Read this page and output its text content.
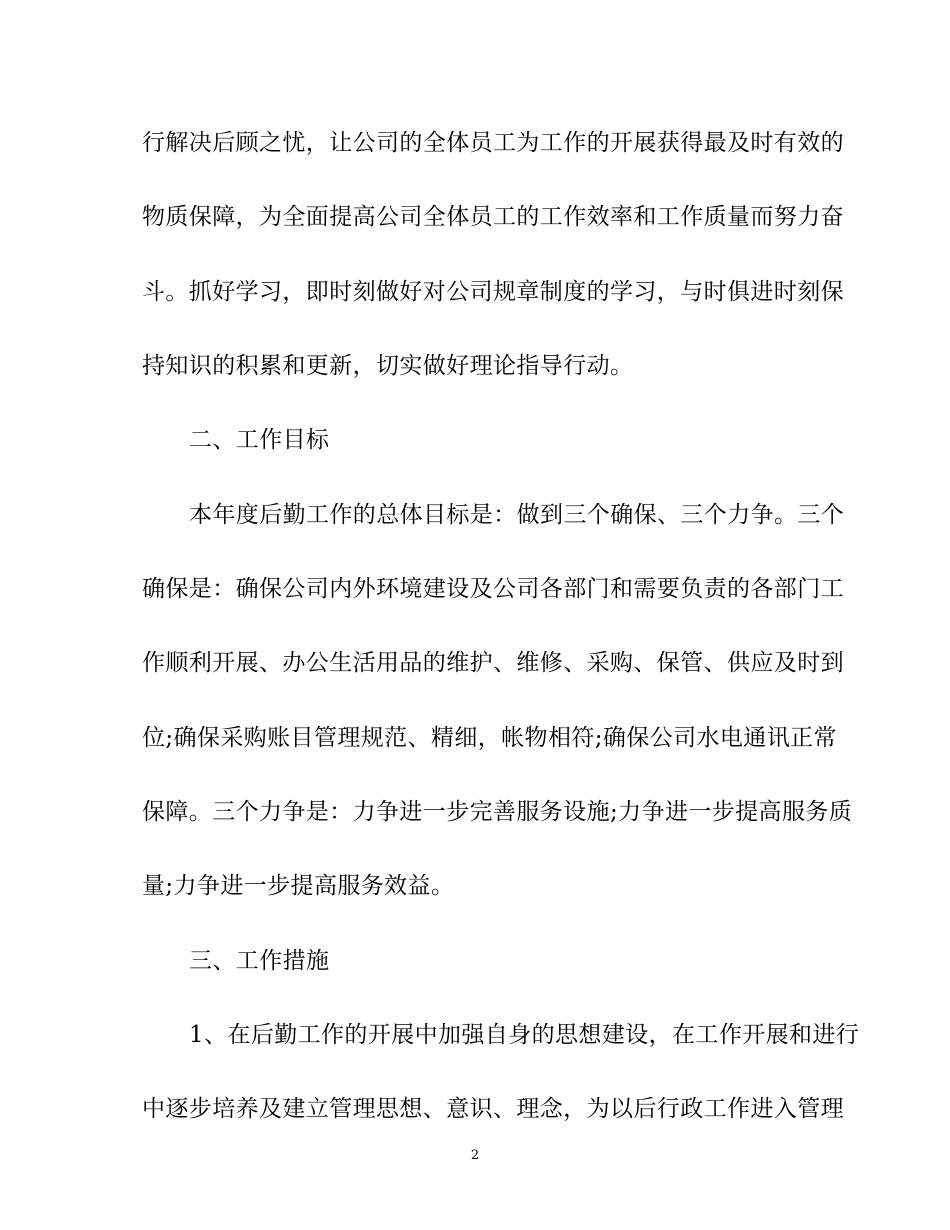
行解决后顾之忧，让公司的全体员工为工作的开展获得最及时有效的
物质保障，为全面提高公司全体员工的工作效率和工作质量而努力奋
斗。抓好学习，即时刻做好对公司规章制度的学习，与时俱进时刻保
持知识的积累和更新，切实做好理论指导行动。
二、工作目标
本年度后勤工作的总体目标是：做到三个确保、三个力争。三个
确保是：确保公司内外环境建设及公司各部门和需要负责的各部门工
作顺利开展、办公生活用品的维护、维修、采购、保管、供应及时到
位;确保采购账目管理规范、精细，帐物相符;确保公司水电通讯正常
保障。三个力争是：力争进一步完善服务设施;力争进一步提高服务质
量;力争进一步提高服务效益。
三、工作措施
1、在后勤工作的开展中加强自身的思想建设，在工作开展和进行
中逐步培养及建立管理思想、意识、理念，为以后行政工作进入管理
2
